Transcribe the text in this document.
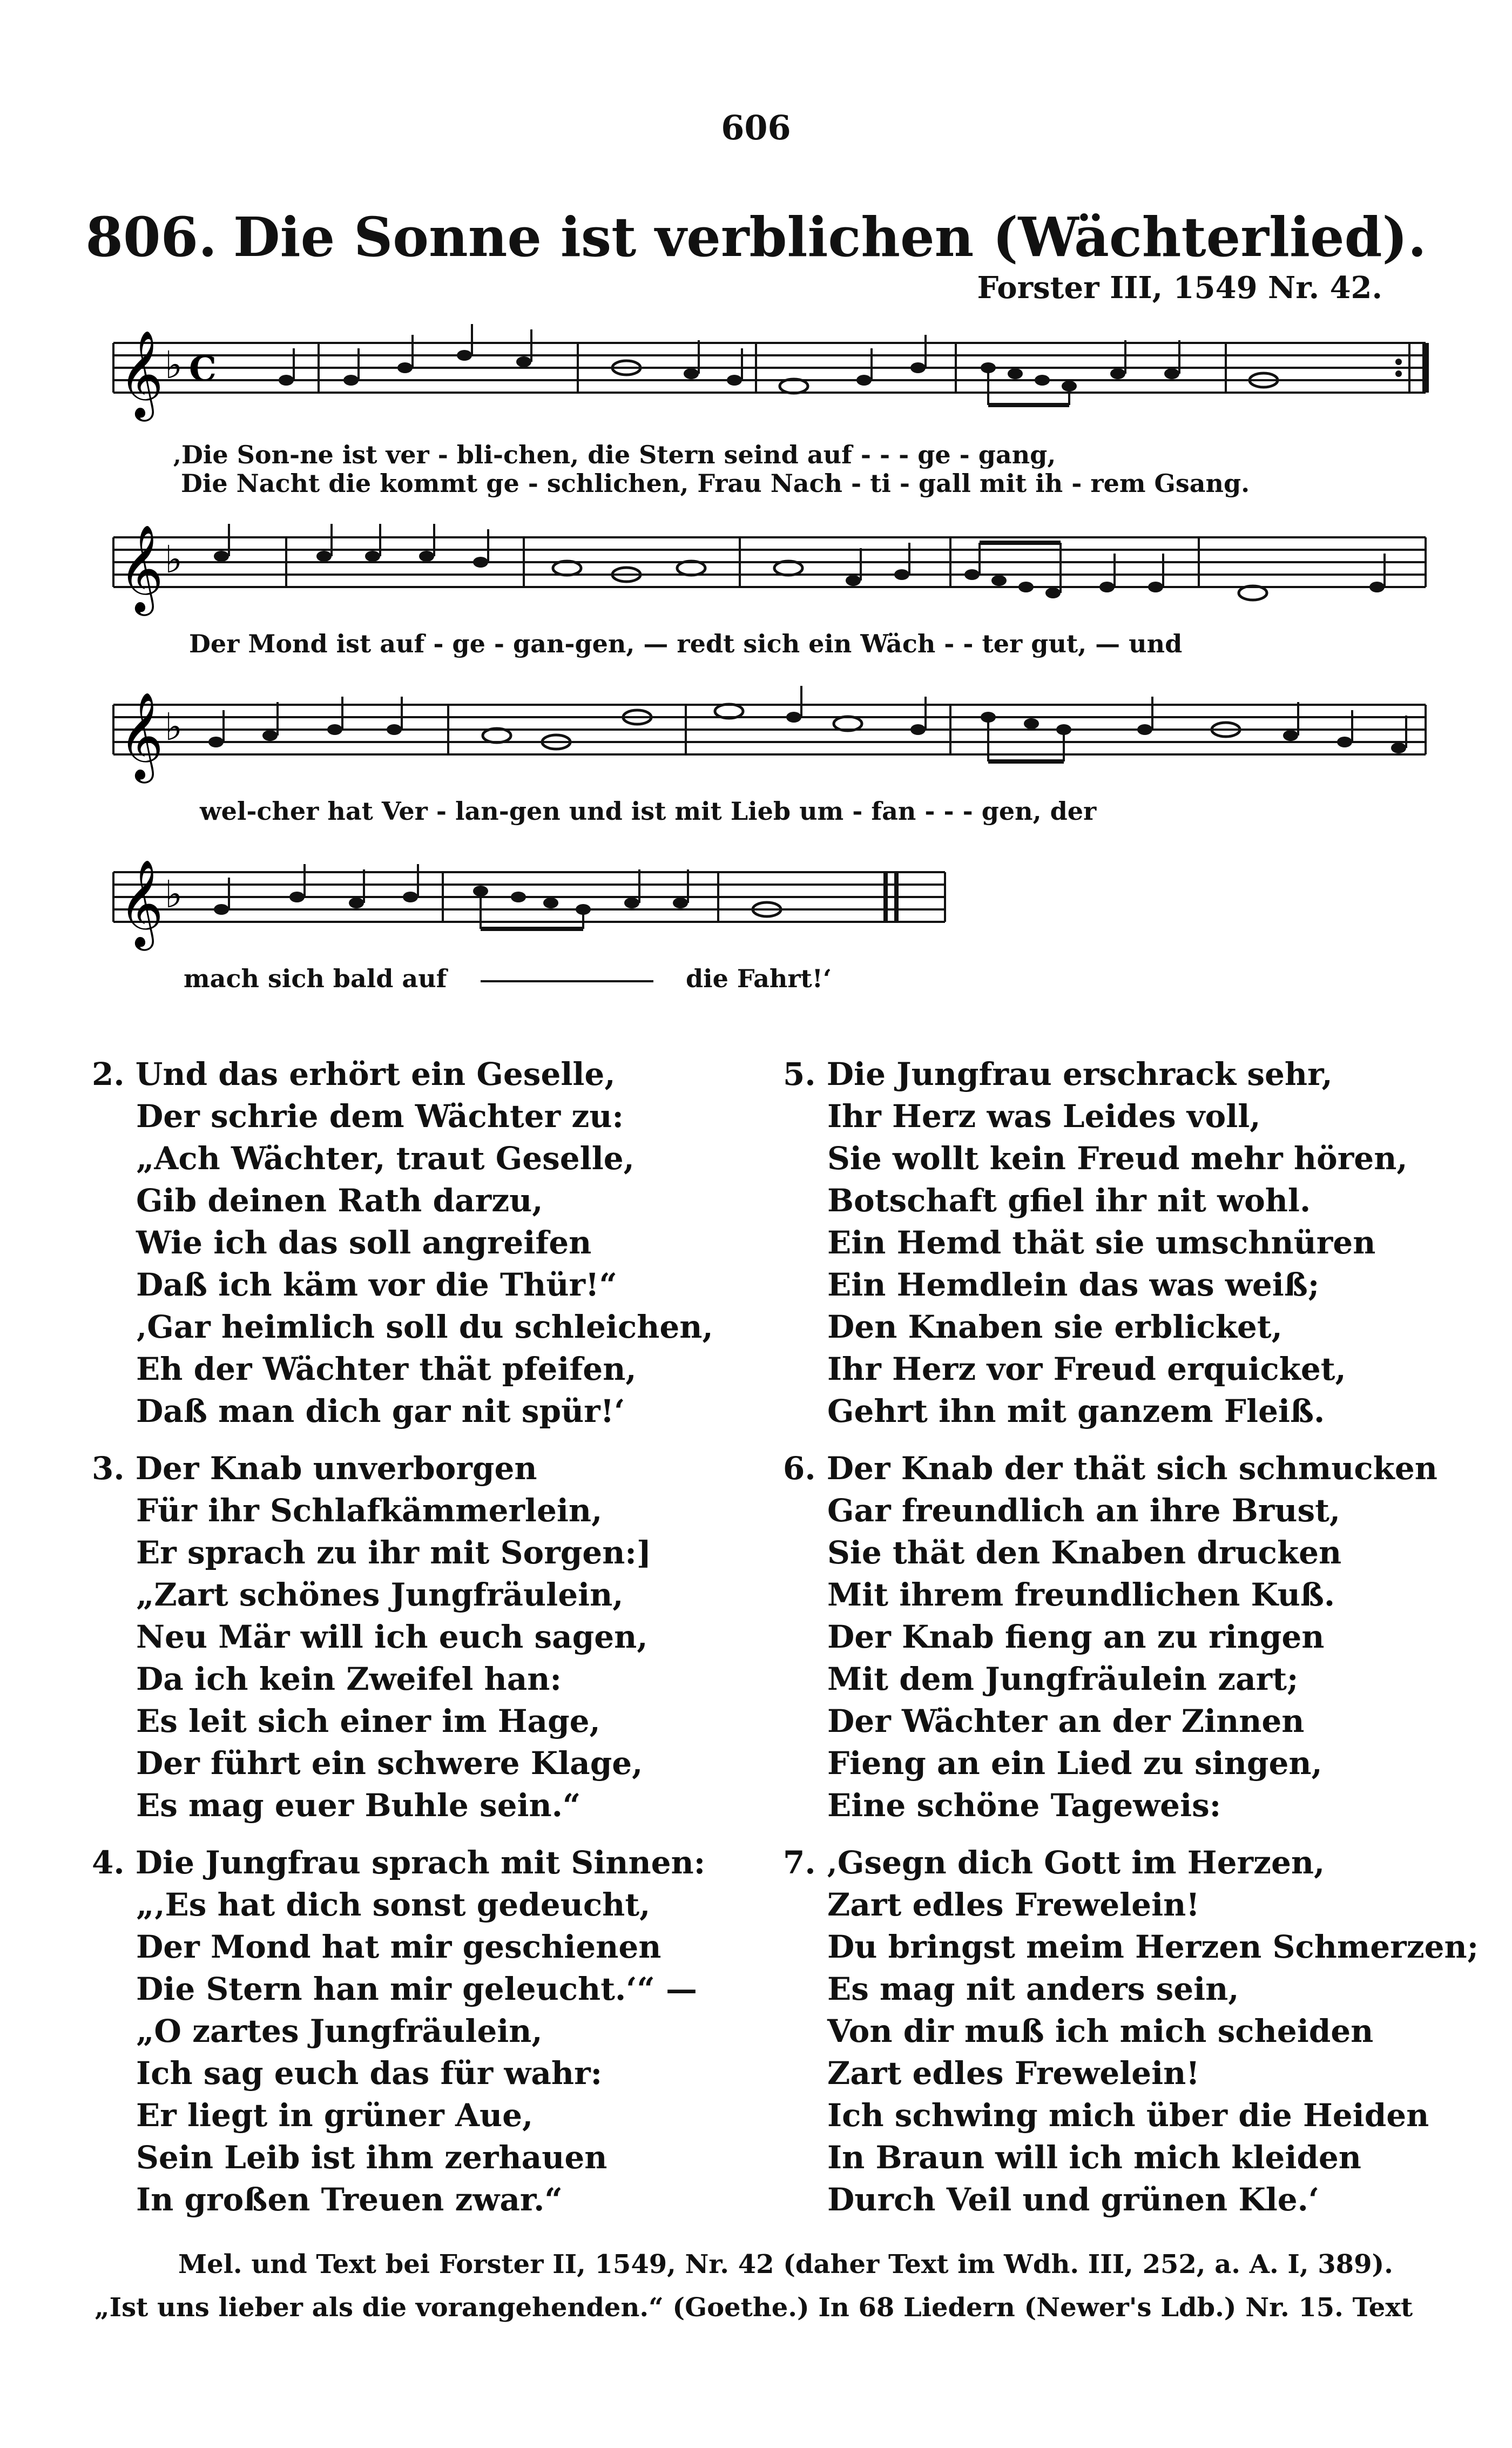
606
806. Die Sonne ist verblichen (Wächterlied).
Forster III, 1549 Nr. 42.
𝄞 ♭ C
‚Die Son-ne ist ver - bli-chen, die Stern seind auf - - - ge - gang,
Die Nacht die kommt ge - schlichen, Frau Nach - ti - gall mit ih - rem Gsang.
𝄞 ♭
Der Mond ist auf - ge - gan-gen, — redt sich ein Wäch - - ter gut, — und
𝄞 ♭
wel-cher hat Ver - lan-gen und ist mit Lieb um - fan - - - gen, der
𝄞 ♭
mach sich bald auf	die Fahrt!‘
2. Und das erhört ein Geselle,
Der schrie dem Wächter zu:
„Ach Wächter, traut Geselle,
Gib deinen Rath darzu,
Wie ich das soll angreifen
Daß ich käm vor die Thür!“
‚Gar heimlich soll du schleichen,
Eh der Wächter thät pfeifen,
Daß man dich gar nit spür!‘
3. Der Knab unverborgen
Für ihr Schlafkämmerlein,
Er sprach zu ihr mit Sorgen:]
„Zart schönes Jungfräulein,
Neu Mär will ich euch sagen,
Da ich kein Zweifel han:
Es leit sich einer im Hage,
Der führt ein schwere Klage,
Es mag euer Buhle sein.“
4. Die Jungfrau sprach mit Sinnen:
„‚Es hat dich sonst gedeucht,
Der Mond hat mir geschienen
Die Stern han mir geleucht.‘“ —
„O zartes Jungfräulein,
Ich sag euch das für wahr:
Er liegt in grüner Aue,
Sein Leib ist ihm zerhauen
In großen Treuen zwar.“
5. Die Jungfrau erschrack sehr,
Ihr Herz was Leides voll,
Sie wollt kein Freud mehr hören,
Botschaft gfiel ihr nit wohl.
Ein Hemd thät sie umschnüren
Ein Hemdlein das was weiß;
Den Knaben sie erblicket,
Ihr Herz vor Freud erquicket,
Gehrt ihn mit ganzem Fleiß.
6. Der Knab der thät sich schmucken
Gar freundlich an ihre Brust,
Sie thät den Knaben drucken
Mit ihrem freundlichen Kuß.
Der Knab fieng an zu ringen
Mit dem Jungfräulein zart;
Der Wächter an der Zinnen
Fieng an ein Lied zu singen,
Eine schöne Tageweis:
7. ‚Gsegn dich Gott im Herzen,
Zart edles Frewelein!
Du bringst meim Herzen Schmerzen;
Es mag nit anders sein,
Von dir muß ich mich scheiden
Zart edles Frewelein!
Ich schwing mich über die Heiden
In Braun will ich mich kleiden
Durch Veil und grünen Kle.‘
Mel. und Text bei Forster II, 1549, Nr. 42 (daher Text im Wdh. III, 252, a. A. I, 389).
„Ist uns lieber als die vorangehenden.“ (Goethe.) In 68 Liedern (Newer's Ldb.) Nr. 15. Text
